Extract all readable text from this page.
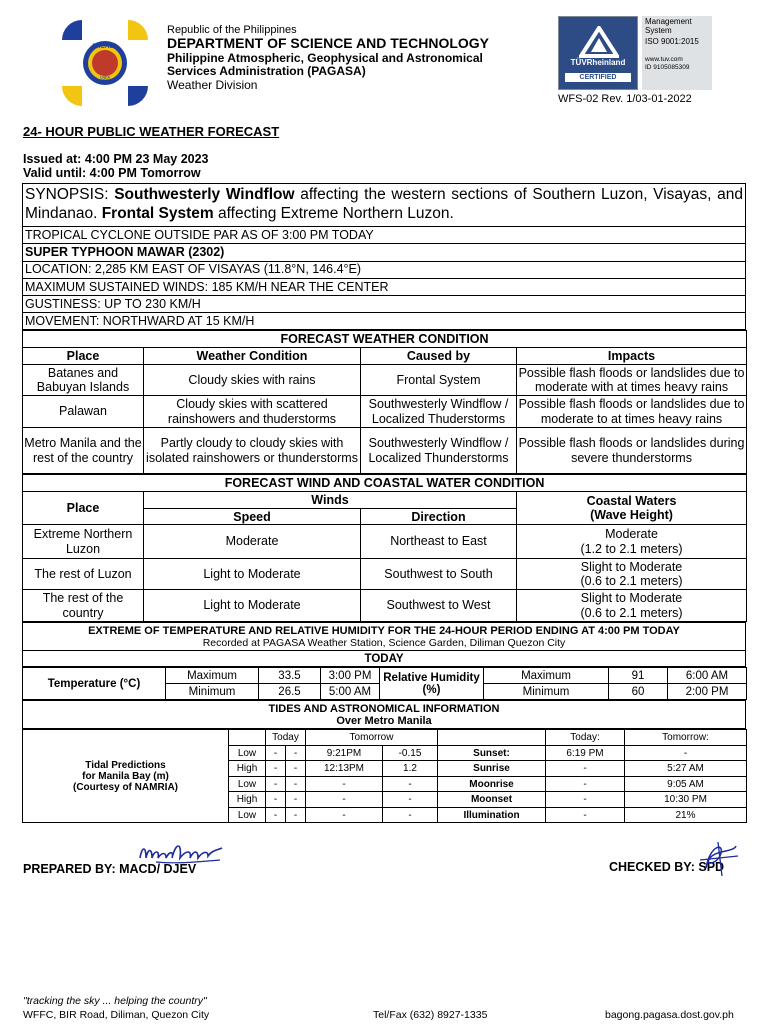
PAGASA
1865
Republic of the Philippines
DEPARTMENT OF SCIENCE AND TECHNOLOGY
Philippine Atmospheric, Geophysical and Astronomical
Services Administration (PAGASA)
Weather Division
TÜVRheinland
CERTIFIED
Management
System
ISO 9001:2015
www.tuv.com
ID 9105085309
WFS-02 Rev. 1/03-01-2022
24- HOUR PUBLIC WEATHER FORECAST
Issued at: 4:00 PM 23 May 2023
Valid until: 4:00 PM Tomorrow
SYNOPSIS: Southwesterly Windflow affecting the western sections of Southern Luzon, Visayas, and Mindanao. Frontal System affecting Extreme Northern Luzon.
TROPICAL CYCLONE OUTSIDE PAR AS OF 3:00 PM TODAY
SUPER TYPHOON MAWAR (2302)
LOCATION: 2,285 KM EAST OF VISAYAS (11.8°N, 146.4°E)
MAXIMUM SUSTAINED WINDS: 185 KM/H NEAR THE CENTER
GUSTINESS: UP TO 230 KM/H
MOVEMENT: NORTHWARD AT 15 KM/H
FORECAST WEATHER CONDITION			
Place	Weather Condition	Caused by	Impacts
Batanes and Babuyan Islands	Cloudy skies with rains	Frontal System	Possible flash floods or landslides due to moderate with at times heavy rains
Palawan	Cloudy skies with scattered rainshowers and thuderstorms	Southwesterly Windflow / Localized Thuderstorms	Possible flash floods or landslides due to moderate to at times heavy rains
Metro Manila and the rest of the country	Partly cloudy to cloudy skies with isolated rainshowers or thunderstorms	Southwesterly Windflow / Localized Thunderstorms	Possible flash floods or landslides during severe thunderstorms
FORECAST WIND AND COASTAL WATER CONDITION			
Place	Winds		Coastal Waters
(Wave Height)

	Speed	Direction	
Extreme Northern Luzon	Moderate	Northeast to East	Moderate
(1.2 to 2.1 meters)

The rest of Luzon	Light to Moderate	Southwest to South	Slight to Moderate
(0.6 to 2.1 meters)

The rest of the country	Light to Moderate	Southwest to West	Slight to Moderate
(0.6 to 2.1 meters)
EXTREME OF TEMPERATURE AND RELATIVE HUMIDITY FOR THE 24-HOUR PERIOD ENDING AT 4:00 PM TODAY
Recorded at PAGASA Weather Station, Science Garden, Diliman Quezon City

TODAY
Temperature (°C)	Maximum	33.5	3:00 PM	Relative Humidity (%)	Maximum	91	6:00 AM
	Minimum	26.5	5:00 AM		Minimum	60	2:00 PM
TIDES AND ASTRONOMICAL INFORMATION
Over Metro Manila
Tidal Predictions
for Manila Bay (m)
(Courtesy of NAMRIA)		Today		Tomorrow			Today:	Tomorrow:
	Low	-	-	9:21PM	-0.15	Sunset:	6:19 PM	-
	High	-	-	12:13PM	1.2	Sunrise	-	5:27 AM
	Low	-	-	-	-	Moonrise	-	9:05 AM
	High	-	-	-	-	Moonset	-	10:30 PM
	Low	-	-	-	-	Illumination	-	21%
PREPARED BY: MACD/ DJEV	CHECKED BY: SPD
"tracking the sky ... helping the country"
WFFC, BIR Road, Diliman, Quezon City	Tel/Fax (632) 8927-1335	bagong.pagasa.dost.gov.ph
